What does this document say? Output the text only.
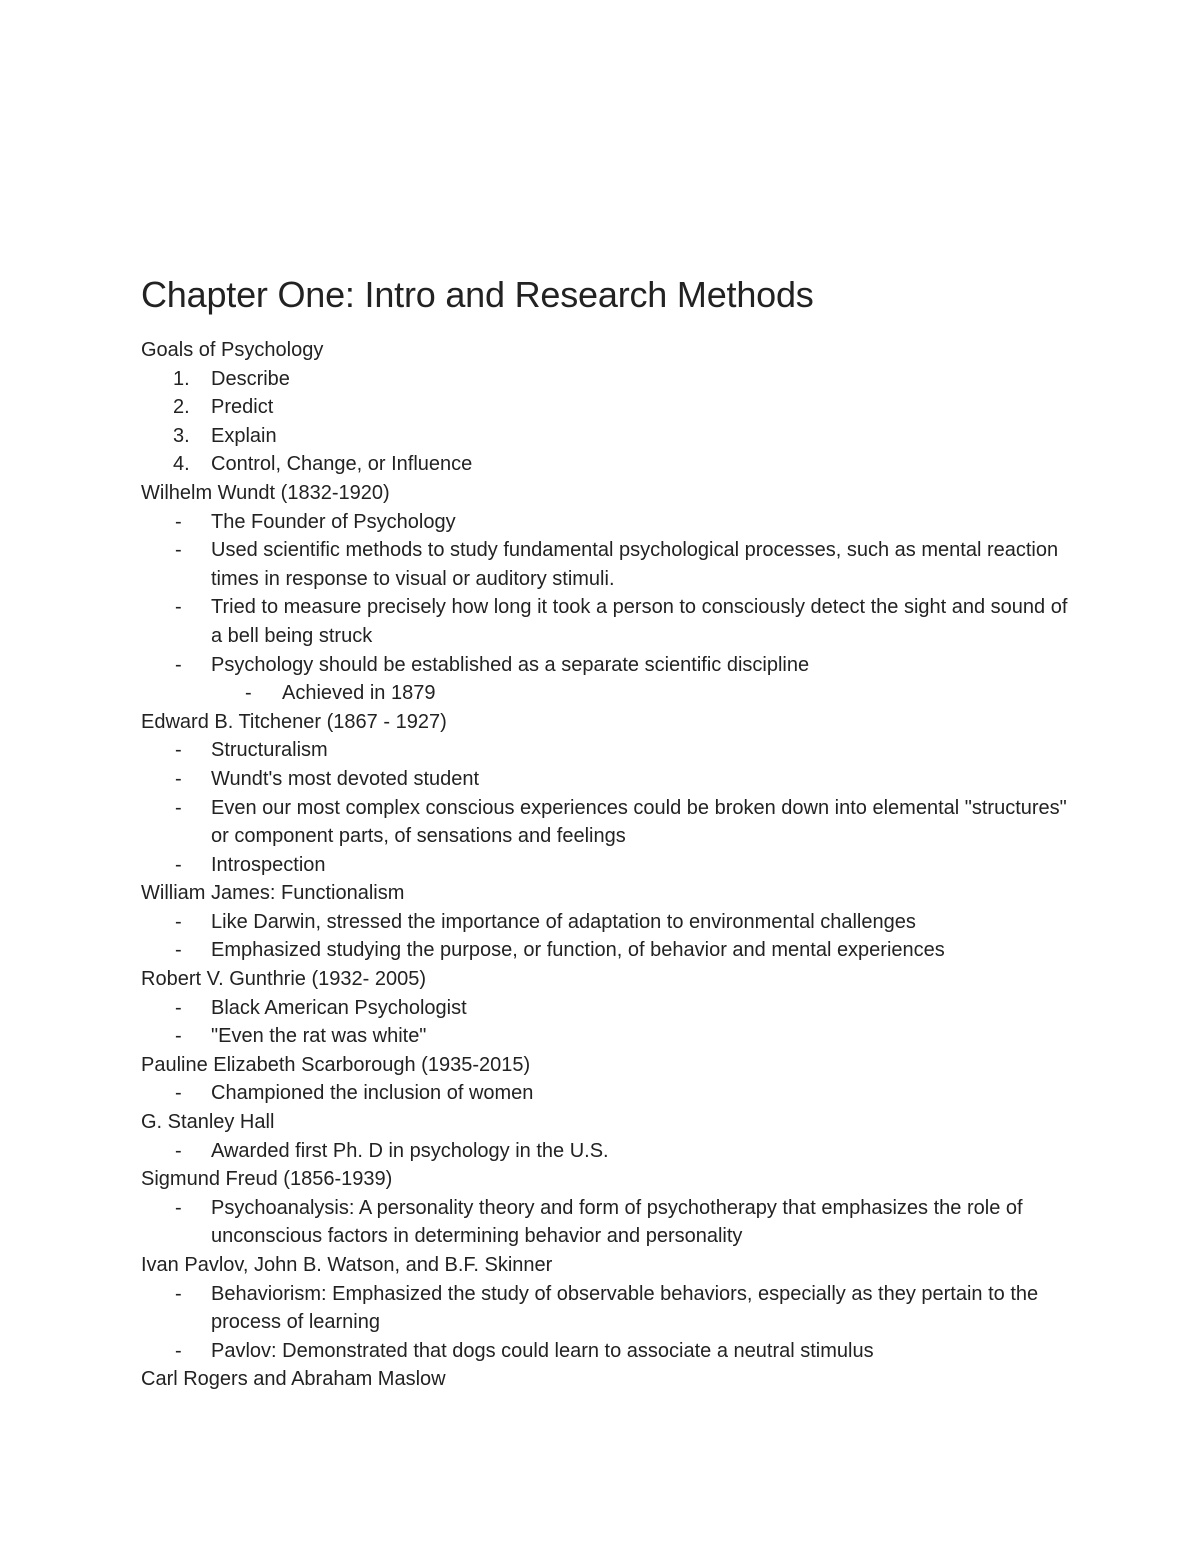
Chapter One: Intro and Research Methods
Goals of Psychology
1. Describe
2. Predict
3. Explain
4. Control, Change, or Influence
Wilhelm Wundt (1832-1920)
- The Founder of Psychology
- Used scientific methods to study fundamental psychological processes, such as mental reaction times in response to visual or auditory stimuli.
- Tried to measure precisely how long it took a person to consciously detect the sight and sound of a bell being struck
- Psychology should be established as a separate scientific discipline
- Achieved in 1879
Edward B. Titchener (1867 - 1927)
- Structuralism
- Wundt's most devoted student
- Even our most complex conscious experiences could be broken down into elemental "structures" or component parts, of sensations and feelings
- Introspection
William James: Functionalism
- Like Darwin, stressed the importance of adaptation to environmental challenges
- Emphasized studying the purpose, or function, of behavior and mental experiences
Robert V. Gunthrie (1932- 2005)
- Black American Psychologist
- "Even the rat was white"
Pauline Elizabeth Scarborough (1935-2015)
- Championed the inclusion of women
G. Stanley Hall
- Awarded first Ph. D in psychology in the U.S.
Sigmund Freud (1856-1939)
- Psychoanalysis: A personality theory and form of psychotherapy that emphasizes the role of unconscious factors in determining behavior and personality
Ivan Pavlov, John B. Watson, and B.F. Skinner
- Behaviorism: Emphasized the study of observable behaviors, especially as they pertain to the process of learning
- Pavlov: Demonstrated that dogs could learn to associate a neutral stimulus
Carl Rogers and Abraham Maslow
